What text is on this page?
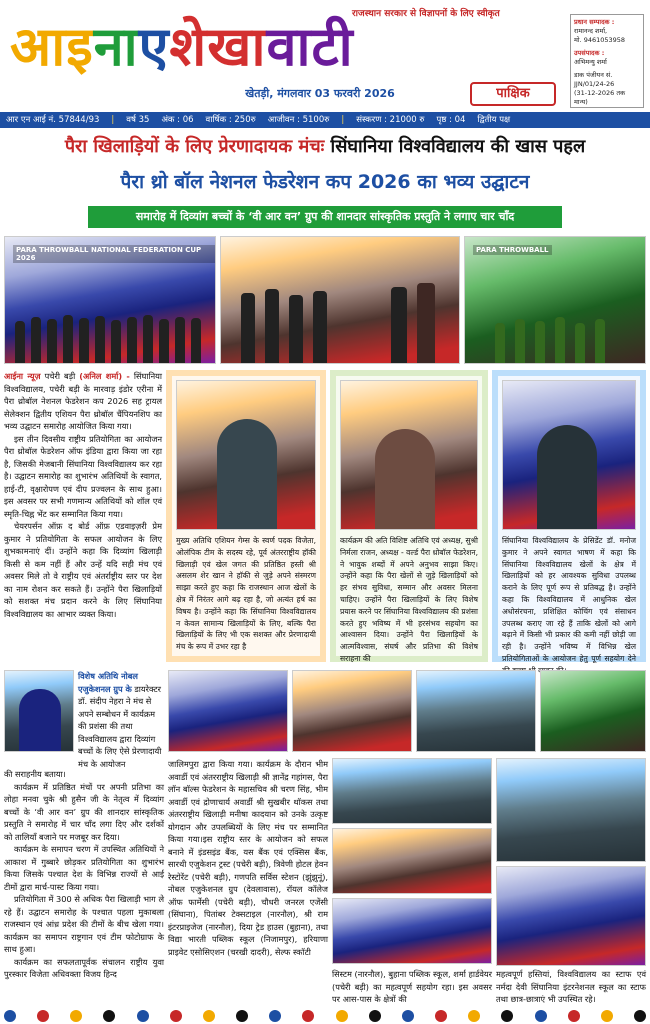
राजस्थान सरकार से विज्ञापनों के लिए स्वीकृत
आइनाएशेखावाटी	प्रधान सम्पादक :
रामानन्द शर्मा,
मो. 9461053958
उपसंपादक :
अभिमन्यु शर्मा
डाक पंजीयन सं.
JJN/01/24-26
(31-12-2026 तक मान्य)
खेतड़ी, मंगलवार 03 फरवरी 2026	पाक्षिक
आर एन आई नं. 57844/93 | वर्ष 35 अंक : 06 वार्षिक : 250रु आजीवन : 5100रु | संस्करण : 21000 रु पृष्ठ : 04 द्वितीय पक्ष
पैरा खिलाड़ियों के लिए प्रेरणादायक मंचः सिंघानिया विश्वविद्यालय की खास पहल
पैरा थ्रो बॉल नेशनल फेडरेशन कप 2026 का भव्य उद्घाटन
समारोह में दिव्यांग बच्चों के ‘वी आर वन’ ग्रुप की शानदार सांस्कृतिक प्रस्तुति ने लगाए चार चाँद
PARA THROWBALL NATIONAL FEDERATION CUP 2026
PARA THROWBALL

आईना न्यूज़ पचेरी बड़ी (अनिल शर्मा) - सिंघानिया विश्वविद्यालय, पचेरी बड़ी के मारवाड़ इंडोर एरीना में पैरा थ्रोबॉल नेशनल फेडरेशन कप 2026 सह ट्रायल सेलेक्शन द्वितीय एशियन पैरा थ्रोबॉल चैंपियनशिप का भव्य उद्घाटन समारोह आयोजित किया गया।

इस तीन दिवसीय राष्ट्रीय प्रतियोगिता का आयोजन पैरा थ्रोबॉल फेडरेशन ऑफ इंडिया द्वारा किया जा रहा है, जिसकी मेजबानी सिंघानिया विश्वविद्यालय कर रहा है। उद्घाटन समारोह का शुभारंभ अतिथियों के स्वागत, हाई-टी, वृक्षारोपण एवं दीप प्रज्वलन के साथ हुआ। इस अवसर पर सभी गणमान्य अतिथियों को शॉल एवं स्मृति-चिह्न भेंट कर सम्मानित किया गया।

चेयरपर्सन ऑफ़ द बोर्ड ऑफ़ एडवाइज़री प्रेम कुमार ने प्रतियोगिता के सफल आयोजन के लिए शुभकामनाएं दीं। उन्होंने कहा कि दिव्यांग खिलाड़ी किसी से कम नहीं हैं और उन्हें यदि सही मंच एवं अवसर मिले तो वे राष्ट्रीय एवं अंतर्राष्ट्रीय स्तर पर देश का नाम रोशन कर सकते हैं। उन्होंने पैरा खिलाड़ियों को सशक्त मंच प्रदान करने के लिए सिंघानिया विश्वविद्यालय का आभार व्यक्त किया।

मुख्य अतिथि एशियन गेम्स के स्वर्ण पदक विजेता, ओलंपिक टीम के सदस्य रहे, पूर्व अंतरराष्ट्रीय हॉकी खिलाड़ी एवं खेल जगत की प्रतिष्ठित हस्ती श्री असलम शेर खान ने हॉकी से जुड़े अपने संस्मरण साझा करते हुए कहा कि राजस्थान आज खेलों के क्षेत्र में निरंतर आगे बढ़ रहा है, जो अत्यंत हर्ष का विषय है। उन्होंने कहा कि सिंघानिया विश्वविद्यालय न केवल सामान्य खिलाड़ियों के लिए, बल्कि पैरा खिलाड़ियों के लिए भी एक सशक्त और प्रेरणादायी मंच के रूप में उभर रहा है
कार्यक्रम की अति विशिष्ट अतिथि एवं अध्यक्ष, सुश्री निर्मला राजन, अध्यक्ष - वर्ल्ड पैरा थ्रोबॉल फेडरेशन, ने भावुक शब्दों में अपने अनुभव साझा किए। उन्होंने कहा कि पैरा खेलों से जुड़े खिलाड़ियों को हर संभव सुविधा, सम्मान और अवसर मिलना चाहिए। उन्होंने पैरा खिलाड़ियों के लिए विशेष प्रयास करने पर सिंघानिया विश्वविद्यालय की प्रशंसा करते हुए भविष्य में भी हरसंभव सहयोग का आश्वासन दिया। उन्होंने पैरा खिलाड़ियों के आत्मविश्वास, संघर्ष और प्रतिभा की विशेष सराहना की
सिंघानिया विश्वविद्यालय के प्रेसिडेंट डॉ. मनोज कुमार ने अपने स्वागत भाषण में कहा कि सिंघानिया विश्वविद्यालय खेलों के क्षेत्र में खिलाड़ियों को हर आवश्यक सुविधा उपलब्ध कराने के लिए पूर्ण रूप से प्रतिबद्ध है। उन्होंने कहा कि विश्वविद्यालय में आधुनिक खेल अधोसंरचना, प्रशिक्षित कोचिंग एवं संसाधन उपलब्ध कराए जा रहे हैं ताकि खेलों को आगे बढ़ाने में किसी भी प्रकार की कमी नहीं छोड़ी जा रही है। उन्होंने भविष्य में विभिन्न खेल प्रतियोगिताओं के आयोजन हेतु पूर्ण सहयोग देने
विशेष अतिथि नोबल एजुकेशनल ग्रुप के डायरेक्टर डॉ. संदीप नेहरा ने मंच से अपने सम्बोधन में कार्यक्रम की प्रशंसा की तथा विश्वविद्यालय द्वारा दिव्यांग बच्चों के लिए ऐसे प्रेरणादायी मंच के आयोजन

की सराहनीय बताया।

कार्यक्रम में प्रतिष्ठित मंचों पर अपनी प्रतिभा का लोहा मनवा चुके श्री हुसैन जी के नेतृत्व में दिव्यांग बच्चों के ‘वी आर वन’ ग्रुप की शानदार सांस्कृतिक प्रस्तुति ने समारोह में चार चाँद लगा दिए और दर्शकों को तालियाँ बजाने पर मजबूर कर दिया।

कार्यक्रम के समापन चरण में उपस्थित अतिथियों ने आकाश में गुब्बारे छोड़कर प्रतियोगिता का शुभारंभ किया जिसके पश्चात देश के विभिन्न राज्यों से आई टीमों द्वारा मार्च-पास्ट किया गया।

प्रतियोगिता में 300 से अधिक पैरा खिलाड़ी भाग ले रहे हैं। उद्घाटन समारोह के पश्चात पहला मुकाबला राजस्थान एवं आंध्र प्रदेश की टीमों के बीच खेला गया। कार्यक्रम का समापन राष्ट्रगान एवं टीम फोटोग्राफ के साथ हुआ।

कार्यक्रम का सफलतापूर्वक संचालन राष्ट्रीय युवा पुरस्कार विजेता अधिवक्ता विजय हिन्द

जालिमपुरा द्वारा किया गया। कार्यक्रम के दौरान भीम अवार्डी एवं अंतरराष्ट्रीय खिलाड़ी श्री ज्ञानेंद्र गहांगस, पैरा लॉन बॉल्स फेडरेशन के महासचिव श्री चरण सिंह, भीम अवार्डी एवं द्रोणाचार्य अवार्डी श्री सुखबीर थॉकस तथा अंतरराष्ट्रीय खिलाड़ी मनीषा कादयान को उनके उत्कृष्ट योगदान और उपलब्धियों के लिए मंच पर सम्मानित किया गया।इस राष्ट्रीय स्तर के आयोजन को सफल बनाने में इंडसइंड बैंक, यस बैंक एवं एक्सिस बैंक, सारथी एजुकेशन ट्रस्ट (पचेरी बड़ी), त्रिवेणी होटल हेवन रेस्टोरेंट (पचेरी बड़ी), गणपति सर्विस स्टेशन (झुंझुनूं), नोबल एजुकेशनल ग्रुप (देवलावास), रॉयल कॉलेज ऑफ फार्मेसी (पचेरी बड़ी), चौधरी जनरल एजेंसी (सिंघाना), पितांबर टेक्सटाइल (नारनौल), श्री राम इंटरप्राइजेज (नारनौल), दिया ट्रेड हाउस (बुहाना), तथा विद्या भारती पब्लिक स्कूल (निजामपुर), हरियाणा प्राइवेट एसोसिएशन (चरखी दादरी), सेल्फ स्कॉटी
सिस्टम (नारनौल), बुहाना पब्लिक स्कूल, शर्मा हार्डवेयर (पचेरी बड़ी) का महत्वपूर्ण सहयोग रहा। इस अवसर पर आस-पास के क्षेत्रों की
महत्वपूर्ण हस्तियां, विश्वविद्यालय का स्टाफ एवं नर्मदा देवी सिंघानिया इंटरनेशनल स्कूल का स्टाफ तथा छात्र-छात्राएं भी उपस्थित रहे।
